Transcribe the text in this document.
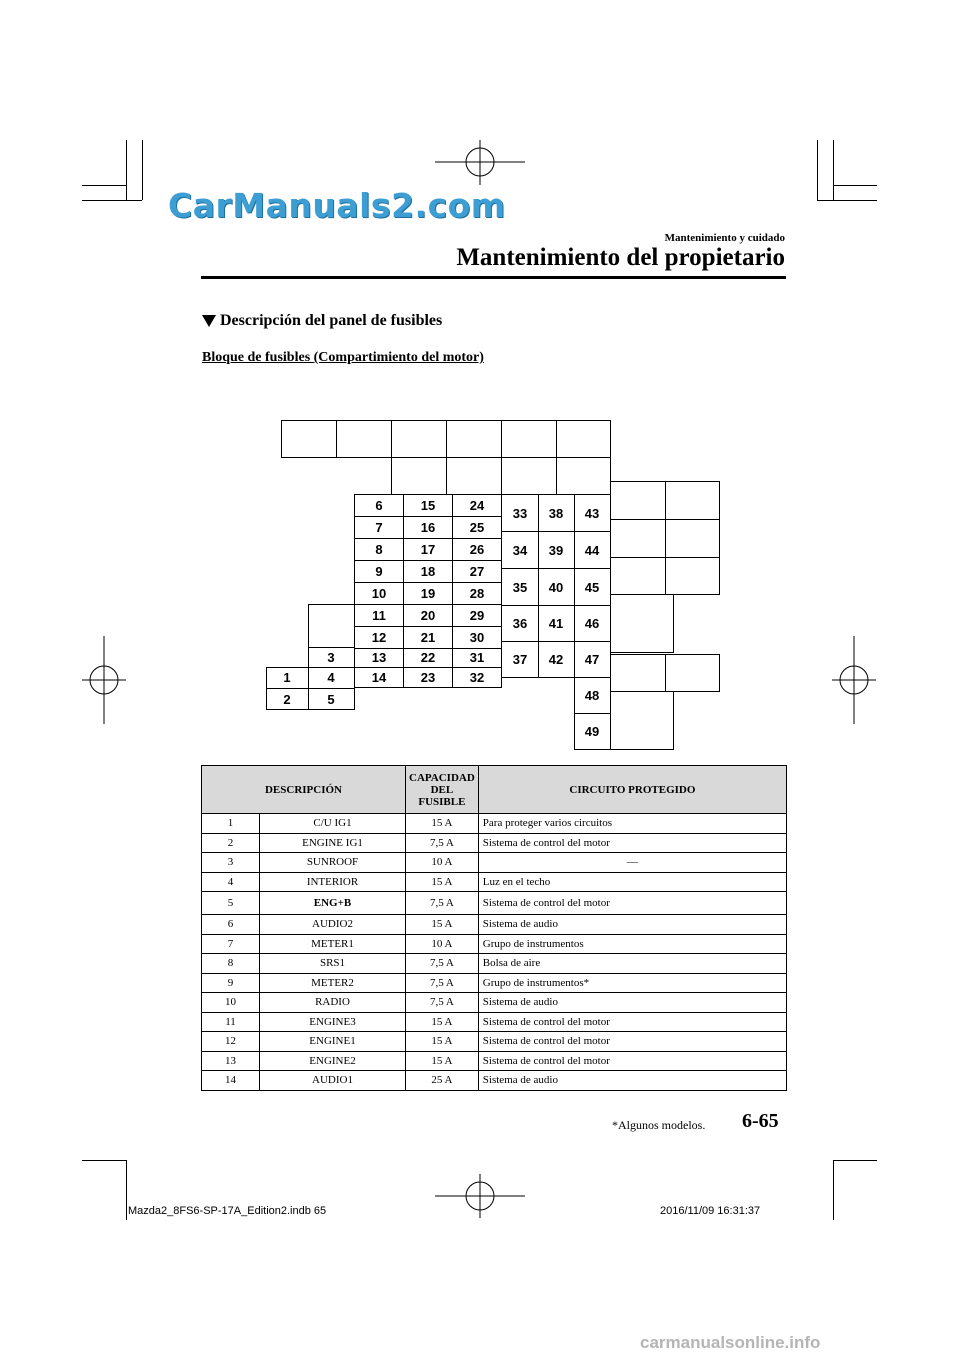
CarManuals2.com
Mantenimiento y cuidado
Mantenimiento del propietario
Descripción del panel de fusibles
Bloque de fusibles (Compartimiento del motor)
1
2
3
4
5
6
7
8
9
10
11
12
13
14
15
16
17
18
19
20
21
22
23
24
25
26
27
28
29
30
31
32
33
34
35
36
37
38
39
40
41
42
43
44
45
46
47
48
49
DESCRIPCIÓN		CAPACIDAD
DEL
FUSIBLE	CIRCUITO PROTEGIDO
1	C/U IG1	15 A	Para proteger varios circuitos
2	ENGINE IG1	7,5 A	Sistema de control del motor
3	SUNROOF	10 A	—
4	INTERIOR	15 A	Luz en el techo
5	ENG+B	7,5 A	Sistema de control del motor
6	AUDIO2	15 A	Sistema de audio
7	METER1	10 A	Grupo de instrumentos
8	SRS1	7,5 A	Bolsa de aire
9	METER2	7,5 A	Grupo de instrumentos*
10	RADIO	7,5 A	Sistema de audio
11	ENGINE3	15 A	Sistema de control del motor
12	ENGINE1	15 A	Sistema de control del motor
13	ENGINE2	15 A	Sistema de control del motor
14	AUDIO1	25 A	Sistema de audio
*Algunos modelos. 6-65
Mazda2_8FS6-SP-17A_Edition2.indb 65	2016/11/09 16:31:37
carmanualsonline.info
